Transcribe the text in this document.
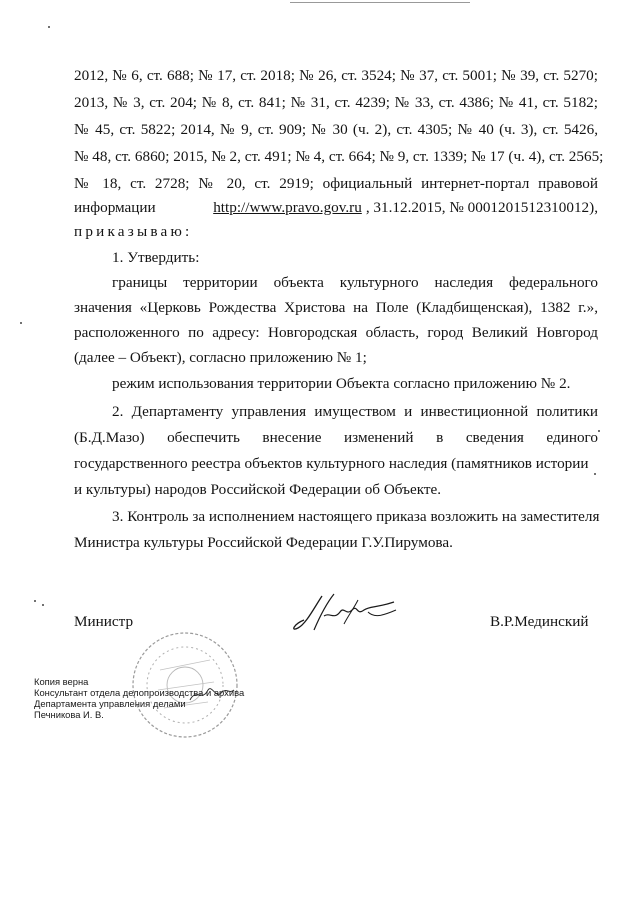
2012, № 6, ст. 688; № 17, ст. 2018; № 26, ст. 3524; № 37, ст. 5001; № 39, ст. 5270;
2013, № 3, ст. 204; № 8, ст. 841; № 31, ст. 4239; № 33, ст. 4386; № 41, ст. 5182;
№ 45, ст. 5822; 2014, № 9, ст. 909; № 30 (ч. 2), ст. 4305; № 40 (ч. 3), ст. 5426,
№ 48, ст. 6860; 2015, № 2, ст. 491; № 4, ст. 664; № 9, ст. 1339; № 17 (ч. 4), ст. 2565;
№ 18, ст. 2728; № 20, ст. 2919; официальный интернет-портал правовой
информации	http://www.pravo.gov.ru , 31.12.2015, № 0001201512310012),
приказываю:
1. Утвердить:
границы территории объекта культурного наследия федерального
значения «Церковь Рождества Христова на Поле (Кладбищенская), 1382 г.»,
расположенного по адресу: Новгородская область, город Великий Новгород
(далее – Объект), согласно приложению № 1;
режим использования территории Объекта согласно приложению № 2.
2. Департаменту управления имуществом и инвестиционной политики
(Б.Д.Мазо) обеспечить внесение изменений в сведения единого
государственного реестра объектов культурного наследия (памятников истории
и культуры) народов Российской Федерации об Объекте.
3. Контроль за исполнением настоящего приказа возложить на заместителя
Министра культуры Российской Федерации Г.У.Пирумова.
Министр	В.Р.Мединский
Копия верна
Консультант отдела делопроизводства и архива
Департамента управления делами
Печникова И. В.
